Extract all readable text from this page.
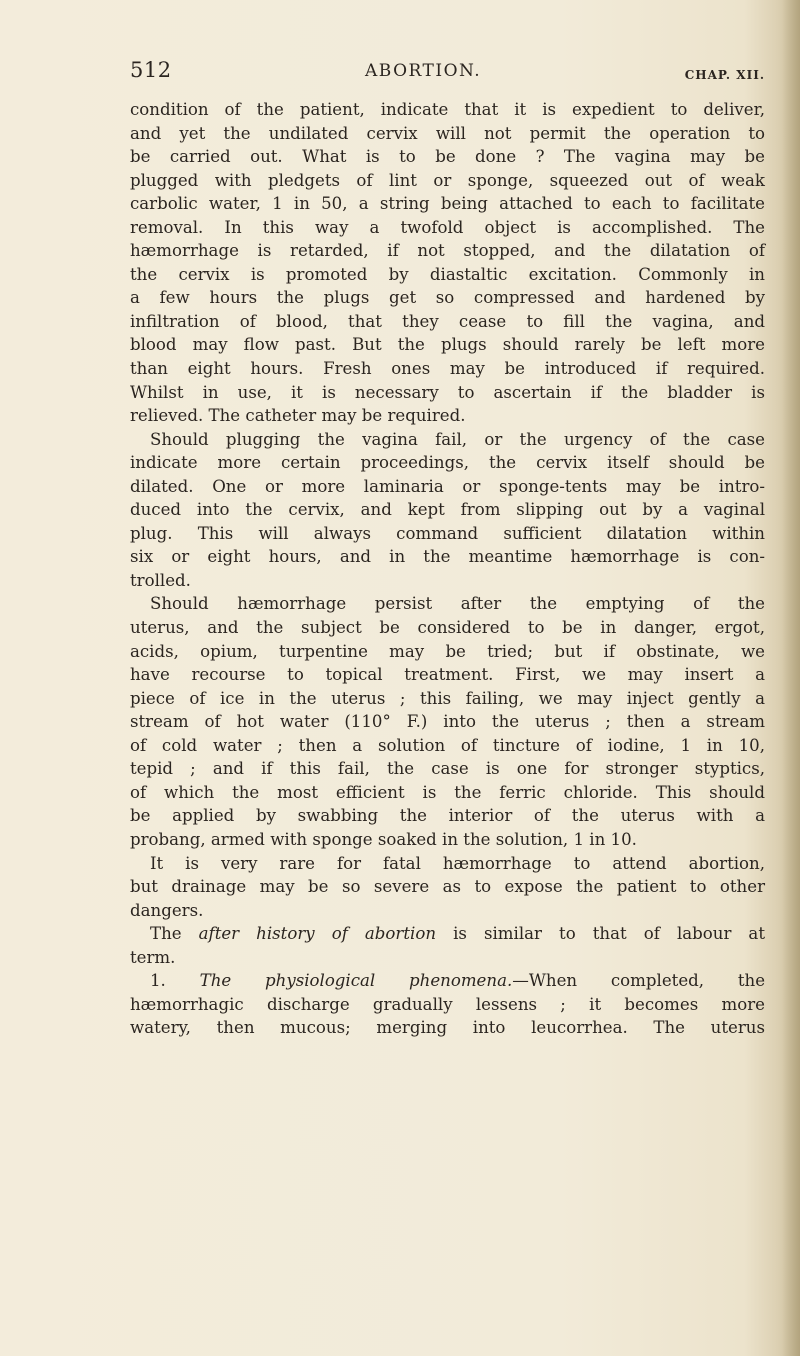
512	ABORTION.	CHAP. XII.
condition of the patient, indicate that it is expedient to deliver,
and yet the undilated cervix will not permit the operation to
be carried out. What is to be done ? The vagina may be
plugged with pledgets of lint or sponge, squeezed out of weak
carbolic water, 1 in 50, a string being attached to each to facilitate
removal. In this way a twofold object is accomplished. The
hæmorrhage is retarded, if not stopped, and the dilatation of
the cervix is promoted by diastaltic excitation. Commonly in
a few hours the plugs get so compressed and hardened by
infiltration of blood, that they cease to fill the vagina, and
blood may flow past. But the plugs should rarely be left more
than eight hours. Fresh ones may be introduced if required.
Whilst in use, it is necessary to ascertain if the bladder is
relieved. The catheter may be required.
Should plugging the vagina fail, or the urgency of the case
indicate more certain proceedings, the cervix itself should be
dilated. One or more laminaria or sponge-tents may be intro-
duced into the cervix, and kept from slipping out by a vaginal
plug. This will always command sufficient dilatation within
six or eight hours, and in the meantime hæmorrhage is con-
trolled.
Should hæmorrhage persist after the emptying of the
uterus, and the subject be considered to be in danger, ergot,
acids, opium, turpentine may be tried; but if obstinate, we
have recourse to topical treatment. First, we may insert a
piece of ice in the uterus ; this failing, we may inject gently a
stream of hot water (110° F.) into the uterus ; then a stream
of cold water ; then a solution of tincture of iodine, 1 in 10,
tepid ; and if this fail, the case is one for stronger styptics,
of which the most efficient is the ferric chloride. This should
be applied by swabbing the interior of the uterus with a
probang, armed with sponge soaked in the solution, 1 in 10.
It is very rare for fatal hæmorrhage to attend abortion,
but drainage may be so severe as to expose the patient to other
dangers.
The after history of abortion is similar to that of labour at
term.
1. The physiological phenomena.—When completed, the
hæmorrhagic discharge gradually lessens ; it becomes more
watery, then mucous; merging into leucorrhea. The uterus
